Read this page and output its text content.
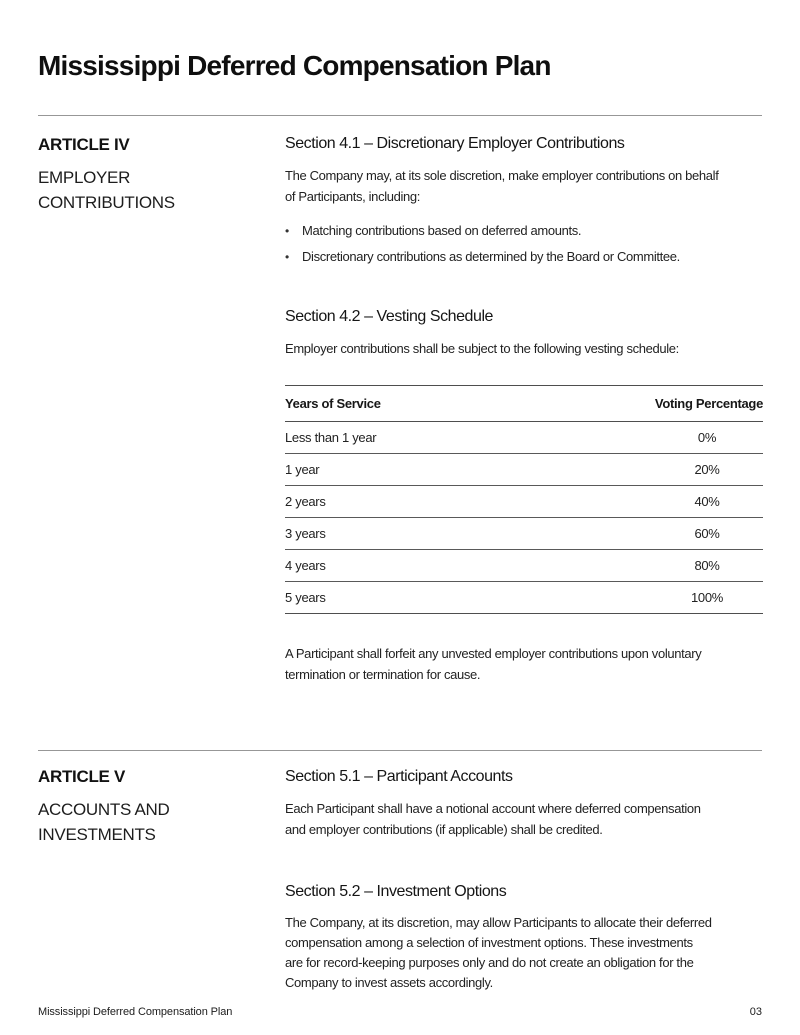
Mississippi Deferred Compensation Plan
ARTICLE IV
EMPLOYER
CONTRIBUTIONS
Section 4.1 – Discretionary Employer Contributions
The Company may, at its sole discretion, make employer contributions on behalf
of Participants, including:
•
Matching contributions based on deferred amounts.
•
Discretionary contributions as determined by the Board or Committee.
Section 4.2 – Vesting Schedule
Employer contributions shall be subject to the following vesting schedule:
Years of Service	Voting Percentage
Less than 1 year	0%
1 year	20%
2 years	40%
3 years	60%
4 years	80%
5 years	100%
A Participant shall forfeit any unvested employer contributions upon voluntary
termination or termination for cause.
ARTICLE V
ACCOUNTS AND
INVESTMENTS
Section 5.1 – Participant Accounts
Each Participant shall have a notional account where deferred compensation
and employer contributions (if applicable) shall be credited.
Section 5.2 – Investment Options
The Company, at its discretion, may allow Participants to allocate their deferred
compensation among a selection of investment options. These investments
are for record-keeping purposes only and do not create an obligation for the
Company to invest assets accordingly.
Mississippi Deferred Compensation Plan	03
